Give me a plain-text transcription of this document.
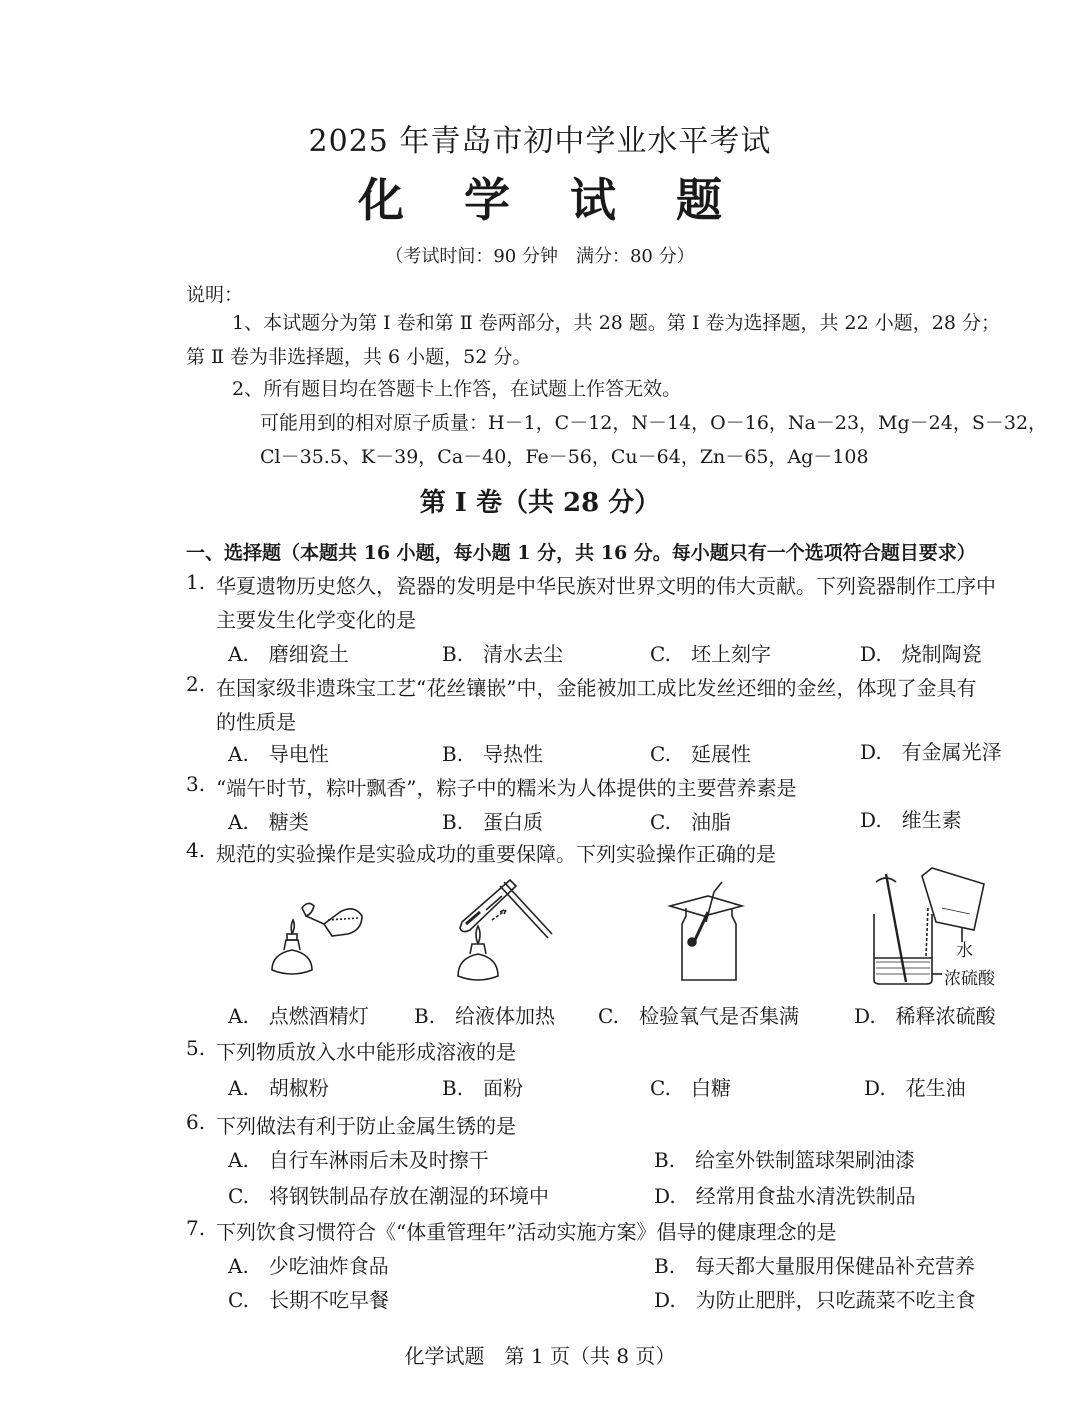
2025 年青岛市初中学业水平考试
化 学 试 题
（考试时间：90 分钟　满分：80 分）
说明：
1、本试题分为第 Ⅰ 卷和第 Ⅱ 卷两部分，共 28 题。第 Ⅰ 卷为选择题，共 22 小题，28 分；
第 Ⅱ 卷为非选择题，共 6 小题，52 分。
2、所有题目均在答题卡上作答，在试题上作答无效。
可能用到的相对原子质量：H－1，C－12，N－14，O－16，Na－23，Mg－24，S－32，
Cl－35.5、K－39，Ca－40，Fe－56，Cu－64，Zn－65，Ag－108
第 Ⅰ 卷（共 28 分）
一、选择题（本题共 16 小题，每小题 1 分，共 16 分。每小题只有一个选项符合题目要求）
1. 华夏遗物历史悠久，瓷器的发明是中华民族对世界文明的伟大贡献。下列瓷器制作工序中
主要发生化学变化的是
A.　磨细瓷土	B.　清水去尘	C.　坯上刻字	D.　烧制陶瓷
2. 在国家级非遗珠宝工艺“花丝镶嵌”中，金能被加工成比发丝还细的金丝，体现了金具有
的性质是
A.　导电性	B.　导热性	C.　延展性	D.　有金属光泽
3. “端午时节，粽叶飘香”，粽子中的糯米为人体提供的主要营养素是
A.　糖类	B.　蛋白质	C.　油脂	D.　维生素
4. 规范的实验操作是实验成功的重要保障。下列实验操作正确的是
水
浓硫酸
A.　点燃酒精灯 B.　给液体加热 C.　检验氧气是否集满	D.　稀释浓硫酸
5. 下列物质放入水中能形成溶液的是
A.　胡椒粉	B.　面粉	C.　白糖	D.　花生油
6. 下列做法有利于防止金属生锈的是
A.　自行车淋雨后未及时擦干	B.　给室外铁制篮球架刷油漆
C.　将钢铁制品存放在潮湿的环境中	D.　经常用食盐水清洗铁制品
7. 下列饮食习惯符合《“体重管理年”活动实施方案》倡导的健康理念的是
A.　少吃油炸食品	B.　每天都大量服用保健品补充营养
C.　长期不吃早餐	D.　为防止肥胖，只吃蔬菜不吃主食
化学试题　第 1 页（共 8 页）
